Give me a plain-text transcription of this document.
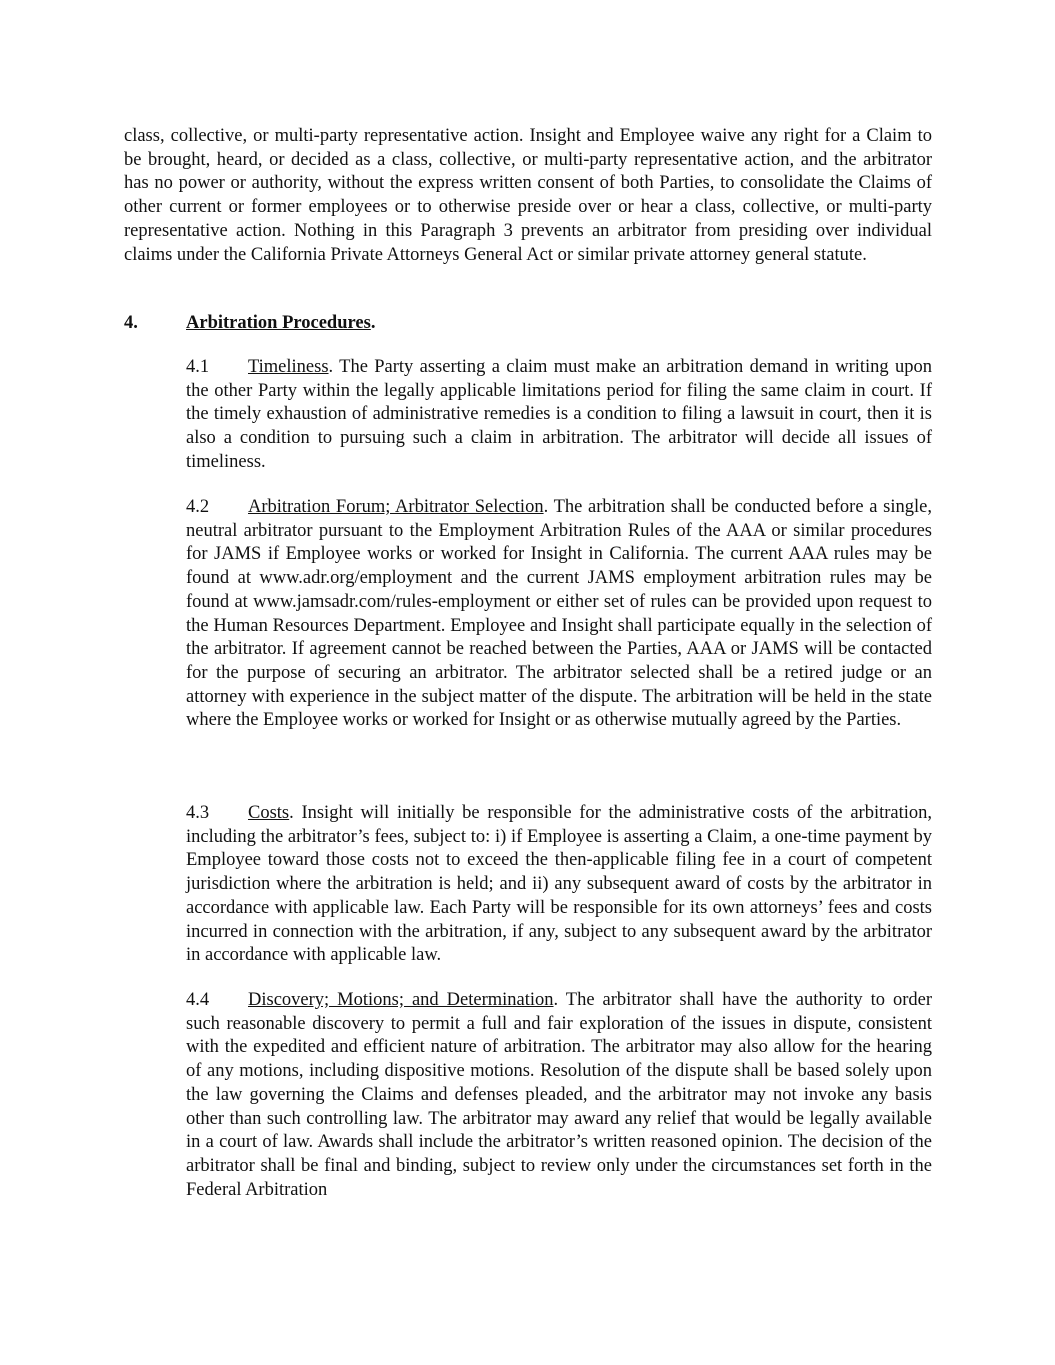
class, collective, or multi-party representative action. Insight and Employee waive any right for a Claim to be brought, heard, or decided as a class, collective, or multi-party representative action, and the arbitrator has no power or authority, without the express written consent of both Parties, to consolidate the Claims of other current or former employees or to otherwise preside over or hear a class, collective, or multi-party representative action. Nothing in this Paragraph 3 prevents an arbitrator from presiding over individual claims under the California Private Attorneys General Act or similar private attorney general statute.

4.	Arbitration Procedures.

4.1 Timeliness. The Party asserting a claim must make an arbitration demand in writing upon the other Party within the legally applicable limitations period for filing the same claim in court. If the timely exhaustion of administrative remedies is a condition to filing a lawsuit in court, then it is also a condition to pursuing such a claim in arbitration. The arbitrator will decide all issues of timeliness.

4.2 Arbitration Forum; Arbitrator Selection. The arbitration shall be conducted before a single, neutral arbitrator pursuant to the Employment Arbitration Rules of the AAA or similar procedures for JAMS if Employee works or worked for Insight in California. The current AAA rules may be found at www.adr.org/employment and the current JAMS employment arbitration rules may be found at www.jamsadr.com/rules-employment or either set of rules can be provided upon request to the Human Resources Department. Employee and Insight shall participate equally in the selection of the arbitrator. If agreement cannot be reached between the Parties, AAA or JAMS will be contacted for the purpose of securing an arbitrator. The arbitrator selected shall be a retired judge or an attorney with experience in the subject matter of the dispute. The arbitration will be held in the state where the Employee works or worked for Insight or as otherwise mutually agreed by the Parties.

4.3 Costs. Insight will initially be responsible for the administrative costs of the arbitration, including the arbitrator’s fees, subject to: i) if Employee is asserting a Claim, a one-time payment by Employee toward those costs not to exceed the then-applicable filing fee in a court of competent jurisdiction where the arbitration is held; and ii) any subsequent award of costs by the arbitrator in accordance with applicable law. Each Party will be responsible for its own attorneys’ fees and costs incurred in connection with the arbitration, if any, subject to any subsequent award by the arbitrator in accordance with applicable law.

4.4 Discovery; Motions; and Determination. The arbitrator shall have the authority to order such reasonable discovery to permit a full and fair exploration of the issues in dispute, consistent with the expedited and efficient nature of arbitration. The arbitrator may also allow for the hearing of any motions, including dispositive motions. Resolution of the dispute shall be based solely upon the law governing the Claims and defenses pleaded, and the arbitrator may not invoke any basis other than such controlling law. The arbitrator may award any relief that would be legally available in a court of law. Awards shall include the arbitrator’s written reasoned opinion. The decision of the arbitrator shall be final and binding, subject to review only under the circumstances set forth in the Federal Arbitration
